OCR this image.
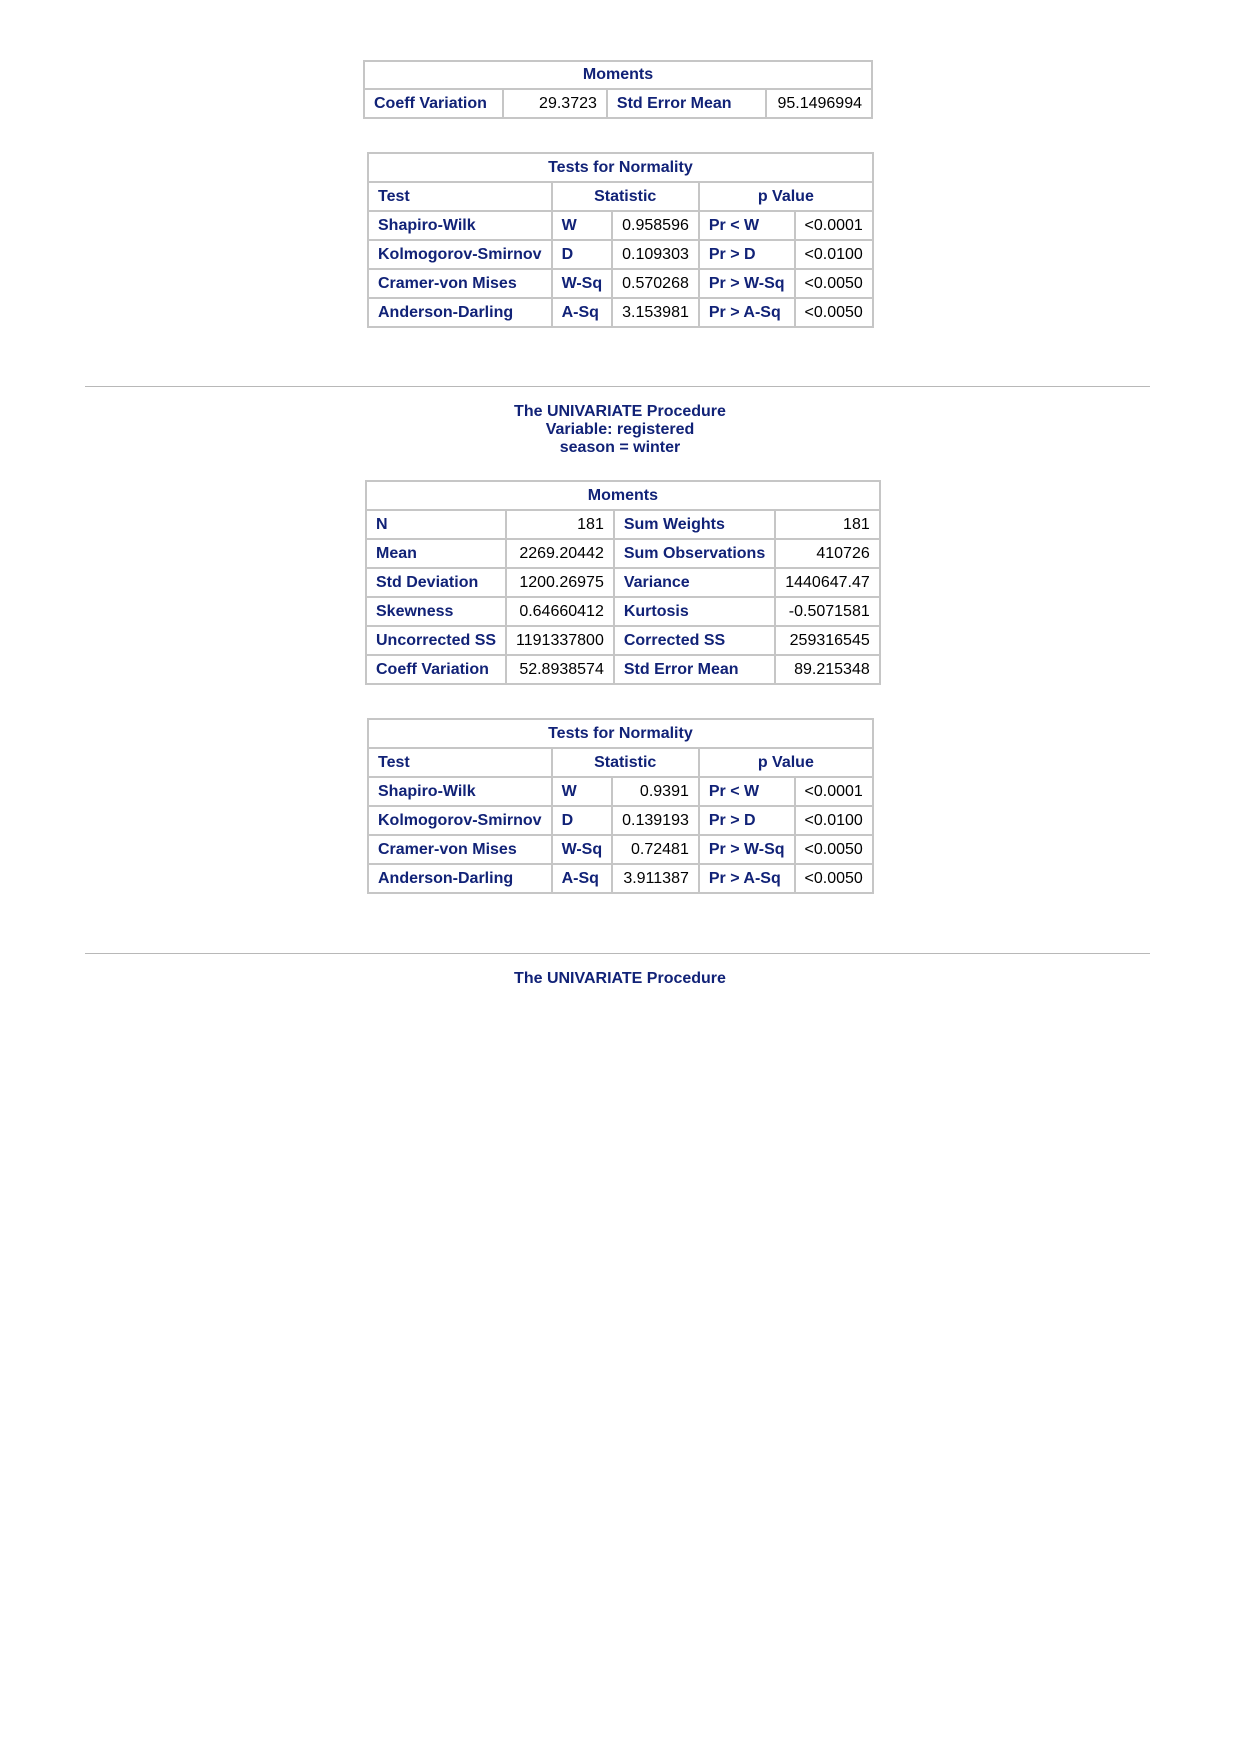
Moments
Coeff Variation	29.3723	Std Error Mean	95.1496994
Tests for Normality				
Test	Statistic		p Value	
Shapiro-Wilk	W	0.958596	Pr < W	<0.0001
Kolmogorov-Smirnov	D	0.109303	Pr > D	<0.0100
Cramer-von Mises	W-Sq	0.570268	Pr > W-Sq	<0.0050
Anderson-Darling	A-Sq	3.153981	Pr > A-Sq	<0.0050
The UNIVARIATE Procedure
Variable: registered
season = winter
Moments			
N	181	Sum Weights	181
Mean	2269.20442	Sum Observations	410726
Std Deviation	1200.26975	Variance	1440647.47
Skewness	0.64660412	Kurtosis	-0.5071581
Uncorrected SS	1191337800	Corrected SS	259316545
Coeff Variation	52.8938574	Std Error Mean	89.215348
Tests for Normality				
Test	Statistic		p Value	
Shapiro-Wilk	W	0.9391	Pr < W	<0.0001
Kolmogorov-Smirnov	D	0.139193	Pr > D	<0.0100
Cramer-von Mises	W-Sq	0.72481	Pr > W-Sq	<0.0050
Anderson-Darling	A-Sq	3.911387	Pr > A-Sq	<0.0050
The UNIVARIATE Procedure
